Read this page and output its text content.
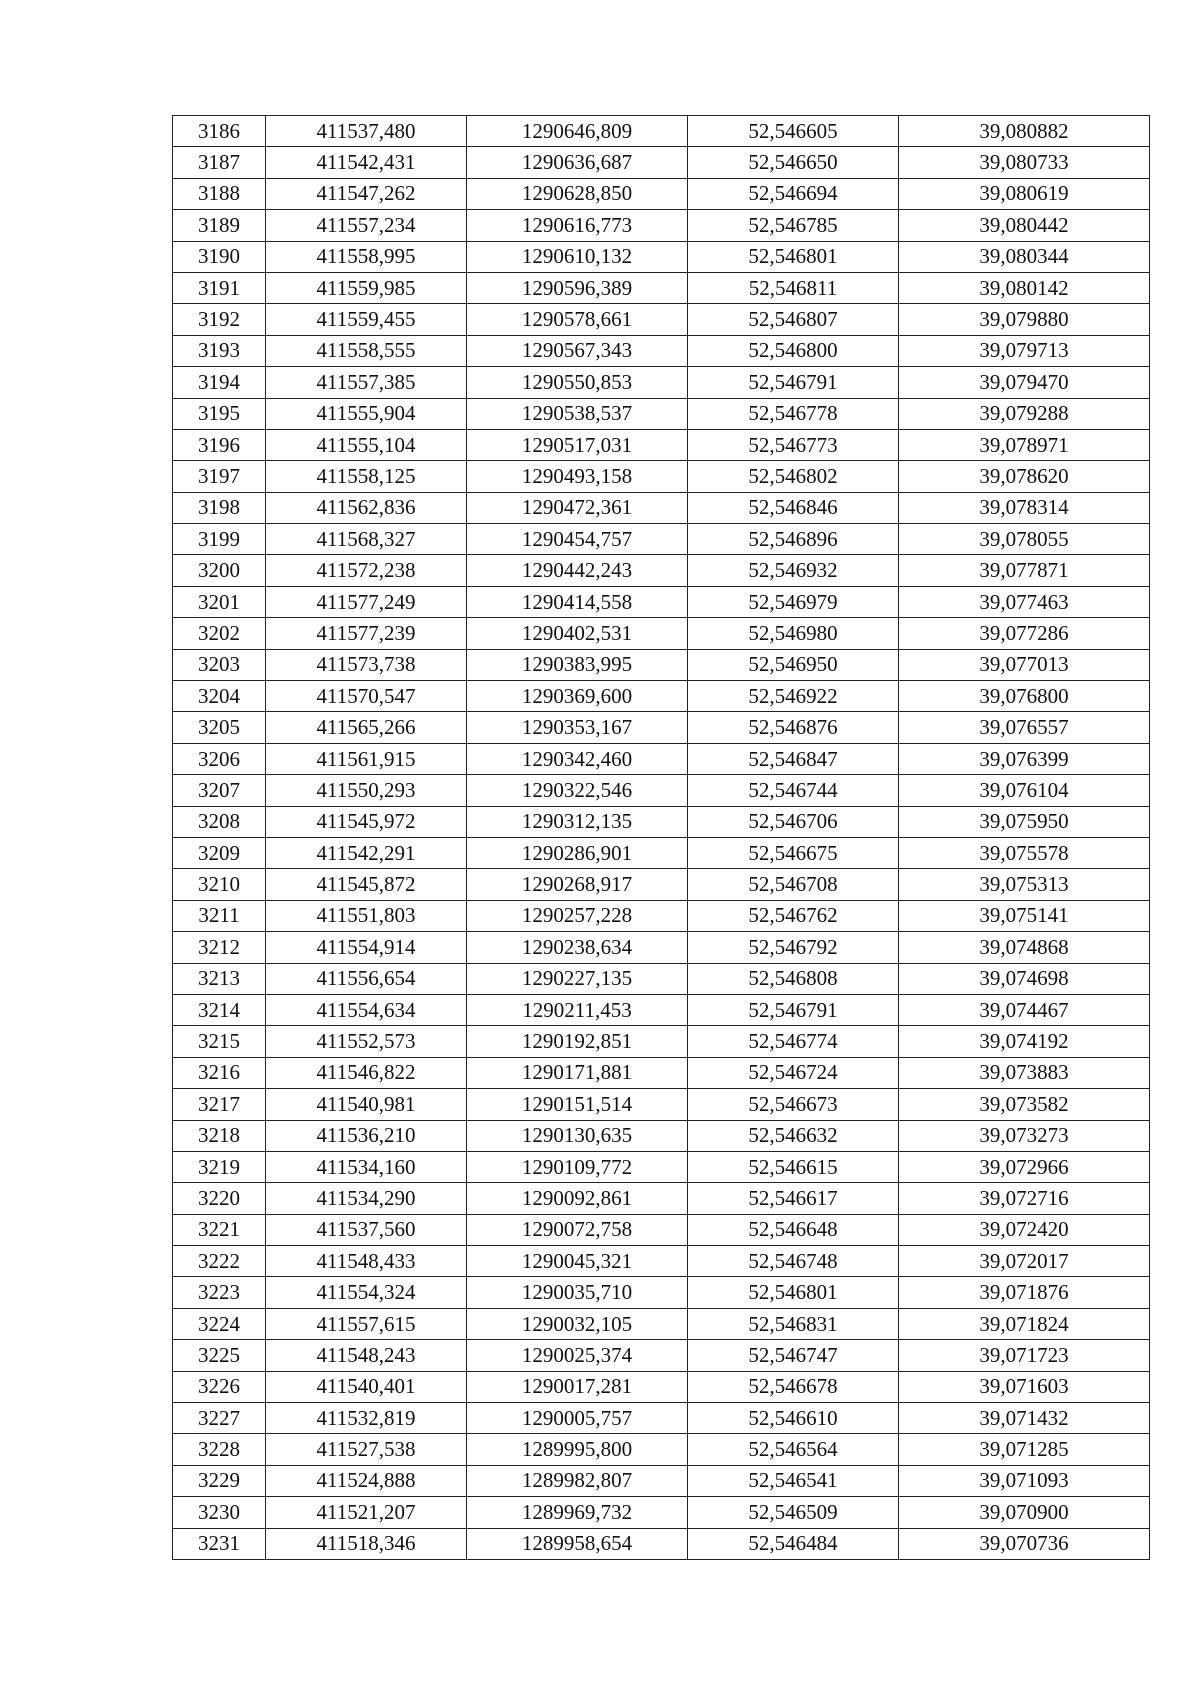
3186	411537,480	1290646,809	52,546605	39,080882
3187	411542,431	1290636,687	52,546650	39,080733
3188	411547,262	1290628,850	52,546694	39,080619
3189	411557,234	1290616,773	52,546785	39,080442
3190	411558,995	1290610,132	52,546801	39,080344
3191	411559,985	1290596,389	52,546811	39,080142
3192	411559,455	1290578,661	52,546807	39,079880
3193	411558,555	1290567,343	52,546800	39,079713
3194	411557,385	1290550,853	52,546791	39,079470
3195	411555,904	1290538,537	52,546778	39,079288
3196	411555,104	1290517,031	52,546773	39,078971
3197	411558,125	1290493,158	52,546802	39,078620
3198	411562,836	1290472,361	52,546846	39,078314
3199	411568,327	1290454,757	52,546896	39,078055
3200	411572,238	1290442,243	52,546932	39,077871
3201	411577,249	1290414,558	52,546979	39,077463
3202	411577,239	1290402,531	52,546980	39,077286
3203	411573,738	1290383,995	52,546950	39,077013
3204	411570,547	1290369,600	52,546922	39,076800
3205	411565,266	1290353,167	52,546876	39,076557
3206	411561,915	1290342,460	52,546847	39,076399
3207	411550,293	1290322,546	52,546744	39,076104
3208	411545,972	1290312,135	52,546706	39,075950
3209	411542,291	1290286,901	52,546675	39,075578
3210	411545,872	1290268,917	52,546708	39,075313
3211	411551,803	1290257,228	52,546762	39,075141
3212	411554,914	1290238,634	52,546792	39,074868
3213	411556,654	1290227,135	52,546808	39,074698
3214	411554,634	1290211,453	52,546791	39,074467
3215	411552,573	1290192,851	52,546774	39,074192
3216	411546,822	1290171,881	52,546724	39,073883
3217	411540,981	1290151,514	52,546673	39,073582
3218	411536,210	1290130,635	52,546632	39,073273
3219	411534,160	1290109,772	52,546615	39,072966
3220	411534,290	1290092,861	52,546617	39,072716
3221	411537,560	1290072,758	52,546648	39,072420
3222	411548,433	1290045,321	52,546748	39,072017
3223	411554,324	1290035,710	52,546801	39,071876
3224	411557,615	1290032,105	52,546831	39,071824
3225	411548,243	1290025,374	52,546747	39,071723
3226	411540,401	1290017,281	52,546678	39,071603
3227	411532,819	1290005,757	52,546610	39,071432
3228	411527,538	1289995,800	52,546564	39,071285
3229	411524,888	1289982,807	52,546541	39,071093
3230	411521,207	1289969,732	52,546509	39,070900
3231	411518,346	1289958,654	52,546484	39,070736
